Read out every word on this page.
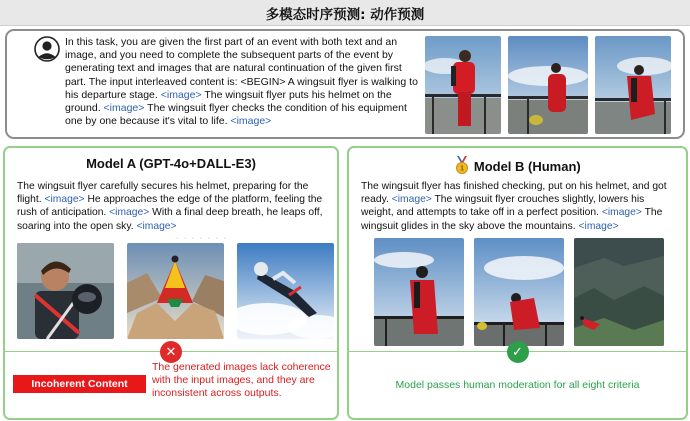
多模态时序预测: 动作预测
In this task, you are given the first part of an event with both text and an image, and you need to complete the subsequent parts of the event by generating text and images that are natural continuation of the given first part. The input interleaved content is: <BEGIN> A wingsuit flyer is walking to his departure stage. <image> The wingsuit flyer puts his helmet on the ground. <image> The wingsuit flyer checks the condition of his equipment one by one because it's vital to life. <image>
Model A (GPT-4o+DALL-E3)
The wingsuit flyer carefully secures his helmet, preparing for the flight. <image> He approaches the edge of the platform, feeling the rush of anticipation. <image> With a final deep breath, he leaps off, soaring into the open sky. <image>
· · · · · · ·
✕
Incoherent Content
The generated images lack coherence with the input images, and they are inconsistent across outputs.
1 Model B (Human)
The wingsuit flyer has finished checking, put on his helmet, and got ready. <image> The wingsuit flyer crouches slightly, lowers his weight, and attempts to take off in a perfect position. <image> The wingsuit glides in the sky above the mountains. <image>
✓
Model passes human moderation for all eight criteria
